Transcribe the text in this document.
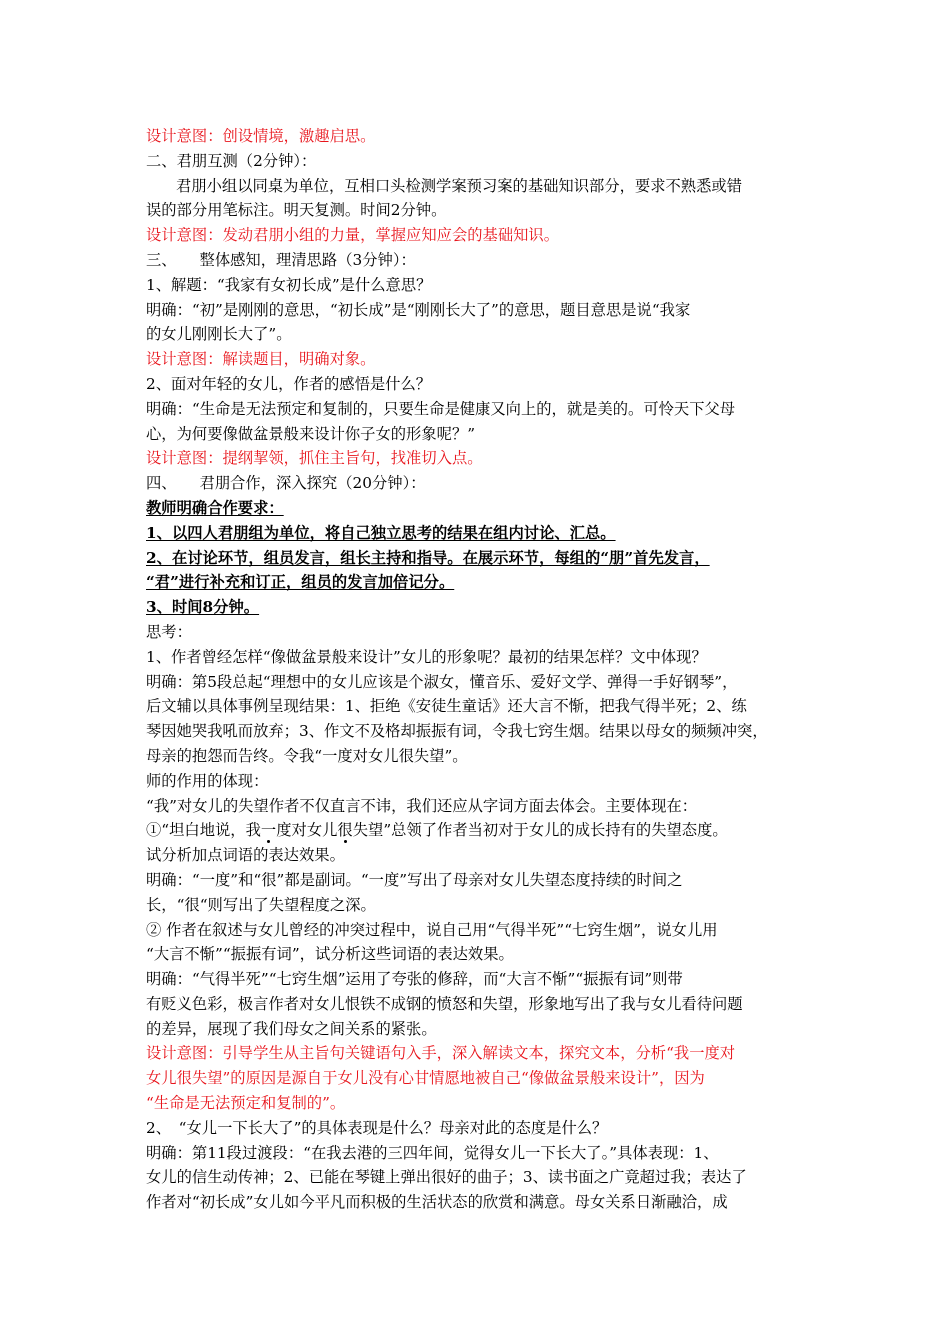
设计意图：创设情境，激趣启思。
二、君朋互测（2分钟）：
君朋小组以同桌为单位，互相口头检测学案预习案的基础知识部分，要求不熟悉或错
误的部分用笔标注。明天复测。时间2分钟。
设计意图：发动君朋小组的力量，掌握应知应会的基础知识。
三、　　整体感知，理清思路（3分钟）：
1、解题：“我家有女初长成”是什么意思？
明确：“初”是刚刚的意思，“初长成”是“刚刚长大了”的意思，题目意思是说“我家
的女儿刚刚长大了”。
设计意图：解读题目，明确对象。
2、面对年轻的女儿，作者的感悟是什么？
明确：“生命是无法预定和复制的，只要生命是健康又向上的，就是美的。可怜天下父母
心，为何要像做盆景般来设计你子女的形象呢？”
设计意图：提纲挈领，抓住主旨句，找准切入点。
四、　　君朋合作，深入探究（20分钟）：
教师明确合作要求：
1、以四人君朋组为单位，将自己独立思考的结果在组内讨论、汇总。
2、在讨论环节，组员发言，组长主持和指导。在展示环节，每组的“朋”首先发言，
“君”进行补充和订正，组员的发言加倍记分。
3、时间8分钟。
思考：
1、作者曾经怎样“像做盆景般来设计”女儿的形象呢？最初的结果怎样？文中体现？
明确：第5段总起“理想中的女儿应该是个淑女，懂音乐、爱好文学、弹得一手好钢琴”，
后文辅以具体事例呈现结果：1、拒绝《安徒生童话》还大言不惭，把我气得半死；2、练
琴因她哭我吼而放弃；3、作文不及格却振振有词，令我七窍生烟。结果以母女的频频冲突，
母亲的抱怨而告终。令我“一度对女儿很失望”。
师的作用的体现：
“我”对女儿的失望作者不仅直言不讳，我们还应从字词方面去体会。主要体现在：
①“坦白地说，我一度对女儿很失望”总领了作者当初对于女儿的成长持有的失望态度。
试分析加点词语的表达效果。
明确：“一度”和“很”都是副词。“一度”写出了母亲对女儿失望态度持续的时间之
长，“很“则写出了失望程度之深。
② 作者在叙述与女儿曾经的冲突过程中，说自己用“气得半死”“七窍生烟”，说女儿用
“大言不惭”“振振有词”，试分析这些词语的表达效果。
明确：“气得半死”“七窍生烟”运用了夸张的修辞，而“大言不惭”“振振有词”则带
有贬义色彩，极言作者对女儿恨铁不成钢的愤怒和失望，形象地写出了我与女儿看待问题
的差异，展现了我们母女之间关系的紧张。
设计意图：引导学生从主旨句关键语句入手，深入解读文本，探究文本，分析“我一度对
女儿很失望”的原因是源自于女儿没有心甘情愿地被自己“像做盆景般来设计”，因为
“生命是无法预定和复制的”。
2、　“女儿一下长大了”的具体表现是什么？母亲对此的态度是什么？
明确：第11段过渡段：“在我去港的三四年间，觉得女儿一下长大了。”具体表现：1、
女儿的信生动传神；2、已能在琴键上弹出很好的曲子；3、读书面之广竟超过我；表达了
作者对“初长成”女儿如今平凡而积极的生活状态的欣赏和满意。母女关系日渐融洽，成
